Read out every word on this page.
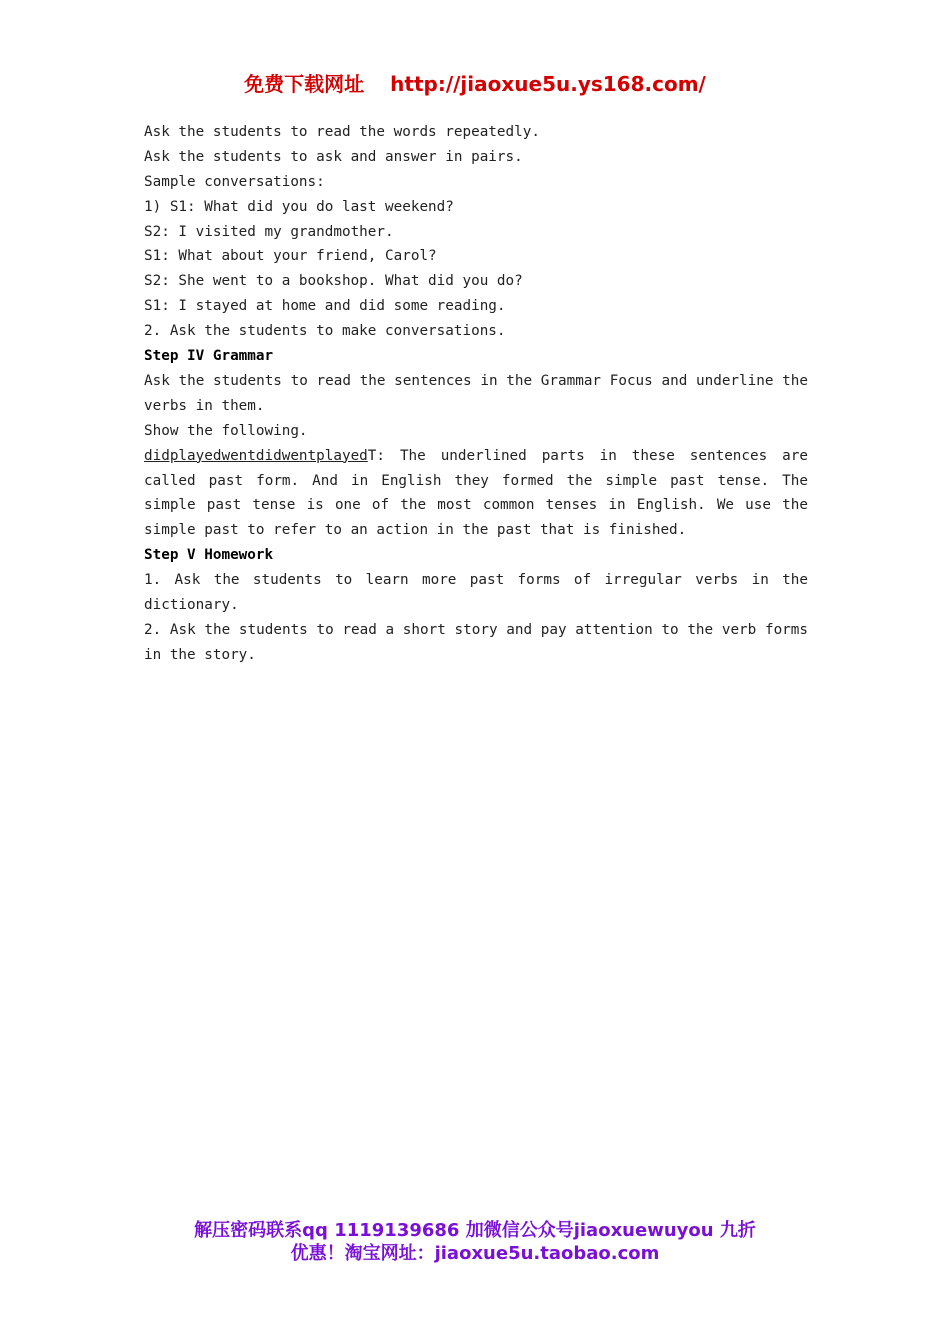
免费下载网址 http://jiaoxue5u.ys168.com/
Ask the students to read the words repeatedly.
Ask the students to ask and answer in pairs.
Sample conversations:
1) S1: What did you do last weekend?
S2: I visited my grandmother.
S1: What about your friend, Carol?
S2: She went to a bookshop. What did you do?
S1: I stayed at home and did some reading.
2. Ask the students to make conversations.
Step IV Grammar
Ask the students to read the sentences in the Grammar Focus and underline the verbs in them.
Show the following.
didplayedwentdidwentplayedT: The underlined parts in these sentences are called past form. And in English they formed the simple past tense. The simple past tense is one of the most common tenses in English. We use the simple past to refer to an action in the past that is finished.
Step V Homework
1. Ask the students to learn more past forms of irregular verbs in the dictionary.
2. Ask the students to read a short story and pay attention to the verb forms in the story.
解压密码联系qq 1119139686 加微信公众号jiaoxuewuyou 九折
优惠！淘宝网址：jiaoxue5u.taobao.com
